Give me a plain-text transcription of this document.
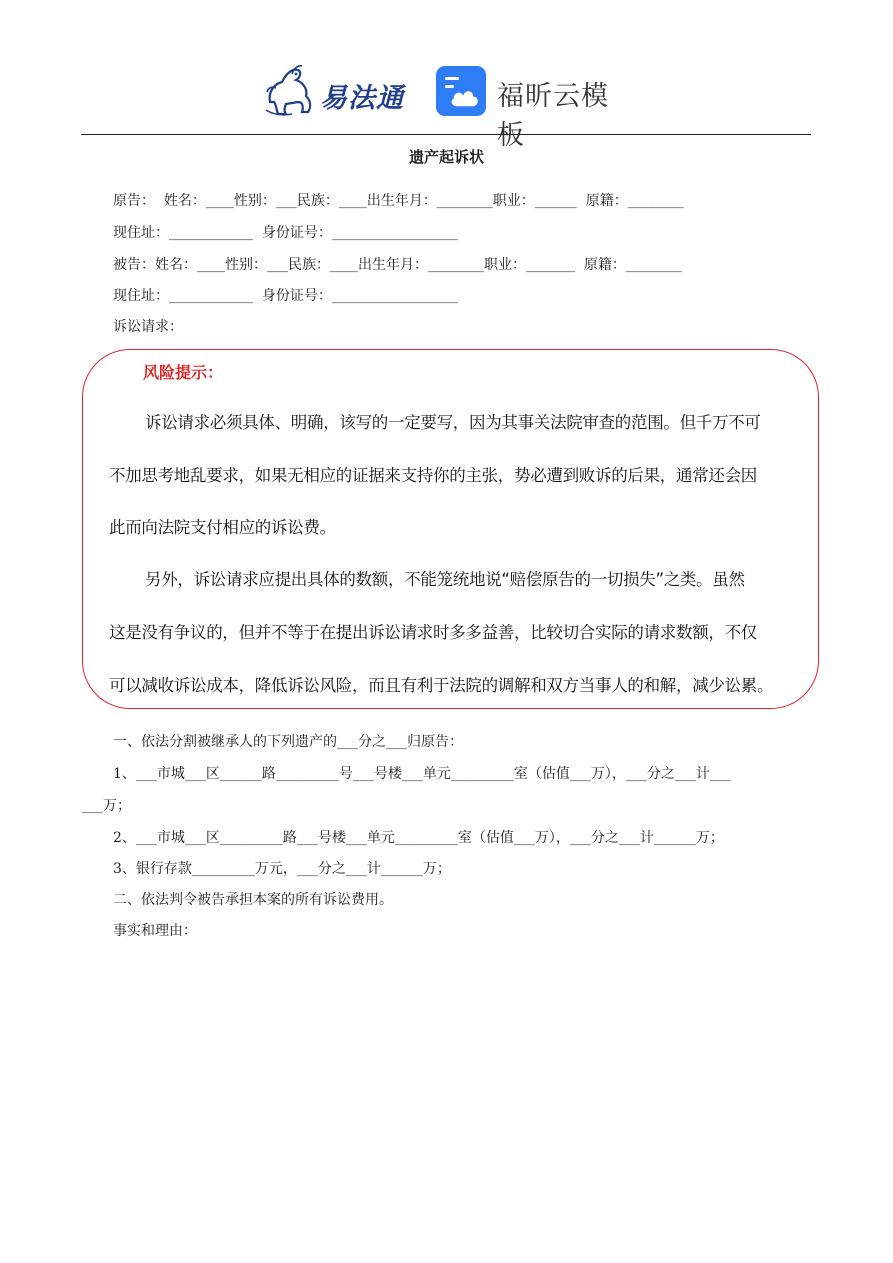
易法通	福昕云模板
遗产起诉状
原告：  姓名：____性别：___民族：____出生年月：________职业：______  原籍：________
现住址：____________  身份证号：__________________
被告：姓名：____性别：___民族：____出生年月：________职业：_______  原籍：________
现住址：____________  身份证号：__________________
诉讼请求：
风险提示：
诉讼请求必须具体、明确，该写的一定要写，因为其事关法院审查的范围。但千万不可
不加思考地乱要求，如果无相应的证据来支持你的主张，势必遭到败诉的后果，通常还会因
此而向法院支付相应的诉讼费。
另外，诉讼请求应提出具体的数额，不能笼统地说“赔偿原告的一切损失”之类。虽然
这是没有争议的，但并不等于在提出诉讼请求时多多益善，比较切合实际的请求数额，不仅
可以减收诉讼成本，降低诉讼风险，而且有利于法院的调解和双方当事人的和解，减少讼累。
一、依法分割被继承人的下列遗产的___分之___归原告：
1、___市城___区______路_________号___号楼___单元_________室（估值___万），___分之___计___
___万；
2、___市城___区_________路___号楼___单元_________室（估值___万），___分之___计______万；
3、银行存款_________万元，___分之___计______万；
二、依法判令被告承担本案的所有诉讼费用。
事实和理由：
